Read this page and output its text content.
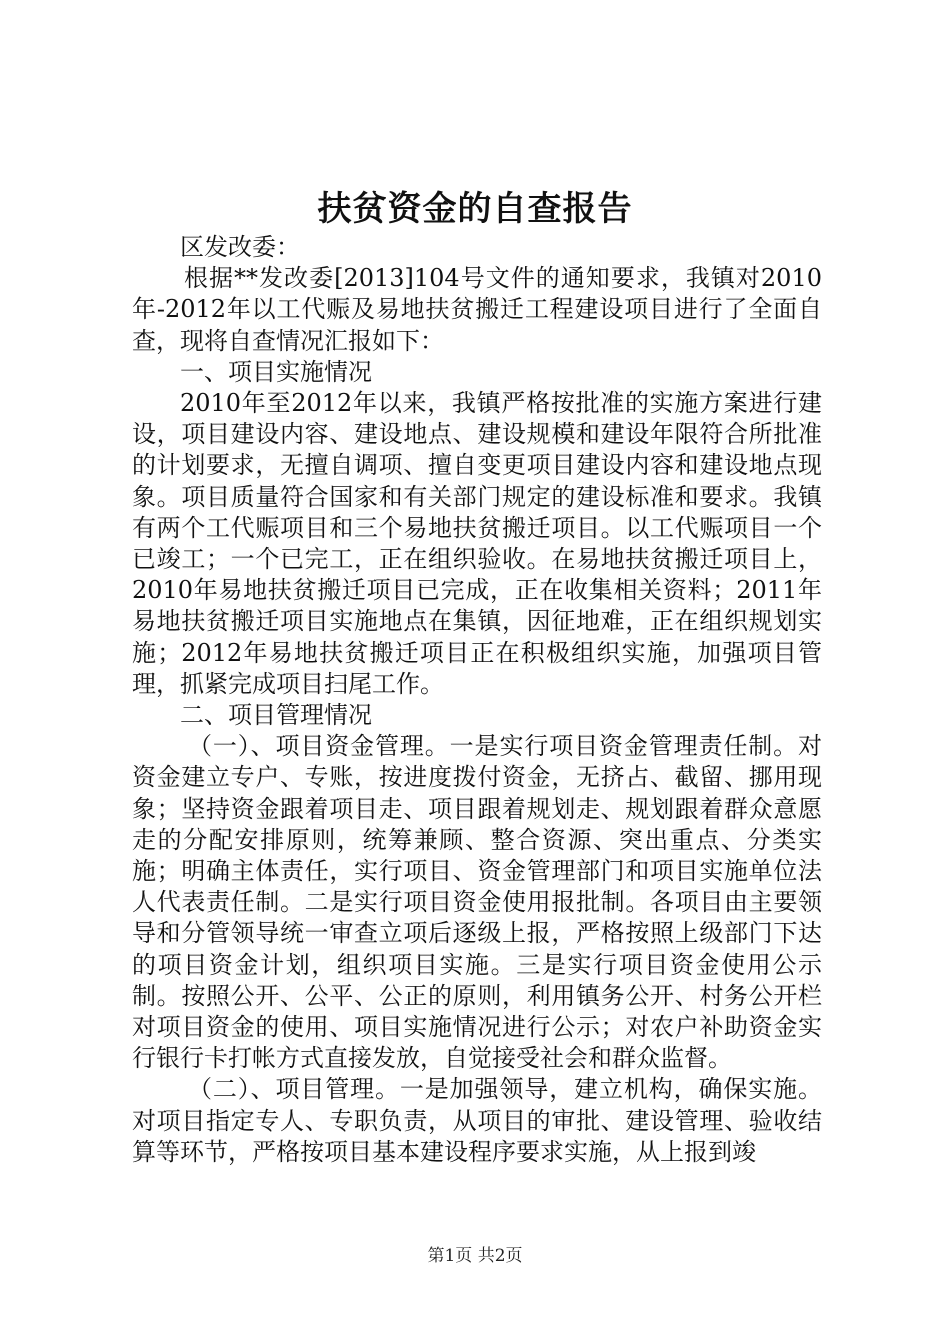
扶贫资金的自查报告

区发改委：

根据**发改委[2013]104号文件的通知要求，我镇对2010年-2012年以工代赈及易地扶贫搬迁工程建设项目进行了全面自查，现将自查情况汇报如下：

一、项目实施情况

2010年至2012年以来，我镇严格按批准的实施方案进行建设，项目建设内容、建设地点、建设规模和建设年限符合所批准的计划要求，无擅自调项、擅自变更项目建设内容和建设地点现象。项目质量符合国家和有关部门规定的建设标准和要求。我镇有两个工代赈项目和三个易地扶贫搬迁项目。以工代赈项目一个已竣工；一个已完工，正在组织验收。在易地扶贫搬迁项目上，2010年易地扶贫搬迁项目已完成，正在收集相关资料；2011年易地扶贫搬迁项目实施地点在集镇，因征地难，正在组织规划实施；2012年易地扶贫搬迁项目正在积极组织实施，加强项目管理，抓紧完成项目扫尾工作。

二、项目管理情况

（一）、项目资金管理。一是实行项目资金管理责任制。对资金建立专户、专账，按进度拨付资金，无挤占、截留、挪用现象；坚持资金跟着项目走、项目跟着规划走、规划跟着群众意愿走的分配安排原则，统筹兼顾、整合资源、突出重点、分类实施；明确主体责任，实行项目、资金管理部门和项目实施单位法人代表责任制。二是实行项目资金使用报批制。各项目由主要领导和分管领导统一审查立项后逐级上报，严格按照上级部门下达的项目资金计划，组织项目实施。三是实行项目资金使用公示制。按照公开、公平、公正的原则，利用镇务公开、村务公开栏对项目资金的使用、项目实施情况进行公示；对农户补助资金实行银行卡打帐方式直接发放，自觉接受社会和群众监督。

（二）、项目管理。一是加强领导，建立机构，确保实施。对项目指定专人、专职负责，从项目的审批、建设管理、验收结算等环节，严格按项目基本建设程序要求实施，从上报到竣

第1页 共2页
